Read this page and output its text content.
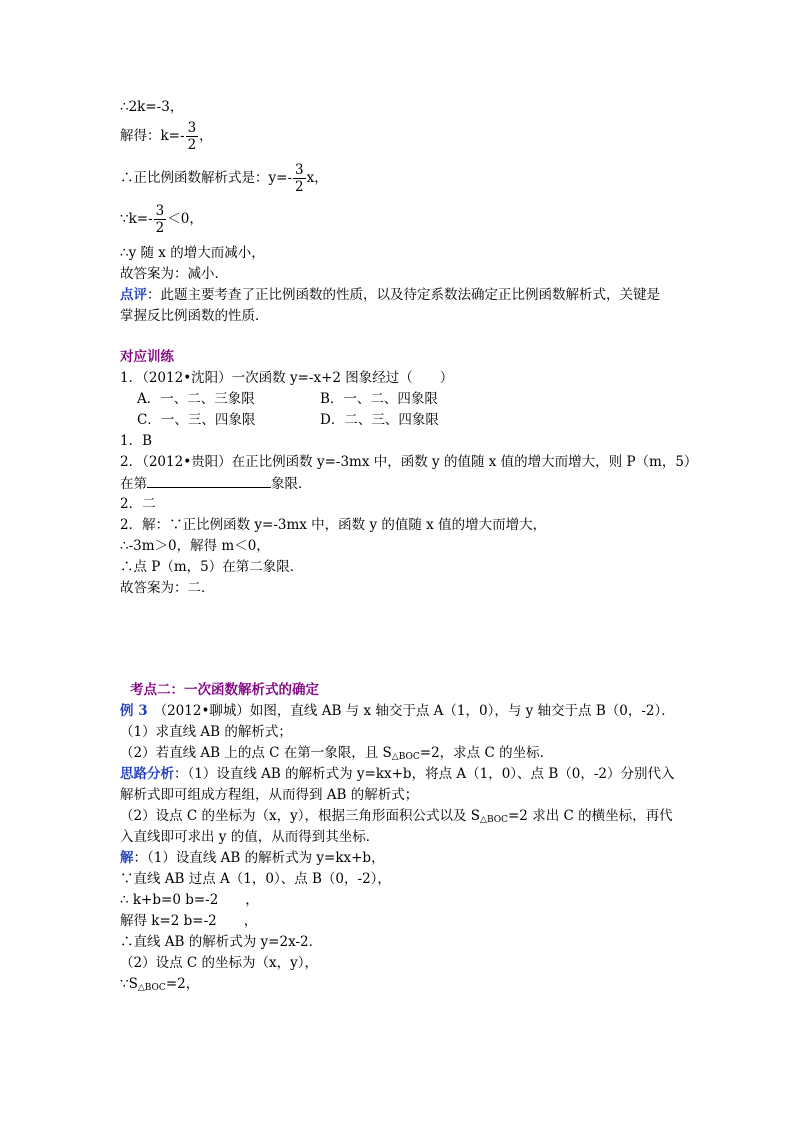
∴2k=-3，
解得：$k=- \frac{3}{2}$ ，
∴正比例函数解析式是：$y=- \frac{3}{2}$ x，
∵k=- $\frac{3}{2} <0$，
∴y 随 x 的增大而减小，
故答案为：减小．
点评：此题主要考查了正比例函数的性质，以及待定系数法确定正比例函数解析式，关键是
掌握反比例函数的性质．
对应训练
1．（2012•沈阳）一次函数 y=-x+2 图象经过（　　）
A．一、二、三象限	B．一、二、四象限
C．一、三、四象限	D．二、三、四象限
1．B
2．（2012•贵阳）在正比例函数 y=-3mx 中，函数 y 的值随 x 值的增大而增大，则 P（m，5）
在第	象限．
2．二
2．解：∵正比例函数 y=-3mx 中，函数 y 的值随 x 值的增大而增大，
∴-3m＞0，解得 m＜0，
∴点 P（m，5）在第二象限．
故答案为：二．
考点二：一次函数解析式的确定
例 3 （2012•聊城）如图，直线 AB 与 x 轴交于点 A（1，0），与 y 轴交于点 B（0，-2）．
（1）求直线 AB 的解析式；
（2）若直线 AB 上的点 C 在第一象限，且 $S_{\triangle BOC}=2$，求点 C 的坐标．
思路分析：（1）设直线 AB 的解析式为 y=kx+b，将点 A（1，0）、点 B（0，-2）分别代入
解析式即可组成方程组，从而得到 AB 的解析式；
（2）设点 C 的坐标为（x，y），根据三角形面积公式以及 $S_{\triangle BOC}=2$ 求出 C 的横坐标，再代
入直线即可求出 y 的值，从而得到其坐标．
解：（1）设直线 AB 的解析式为 y=kx+b，
∵直线 AB 过点 A（1，0）、点 B（0，-2），
∴ k+b=0 b=-2　　，
解得 k=2 b=-2　　，
∴直线 AB 的解析式为 y=2x-2．
（2）设点 C 的坐标为（x，y），
$\because S_{\triangle BOC}=2$，
